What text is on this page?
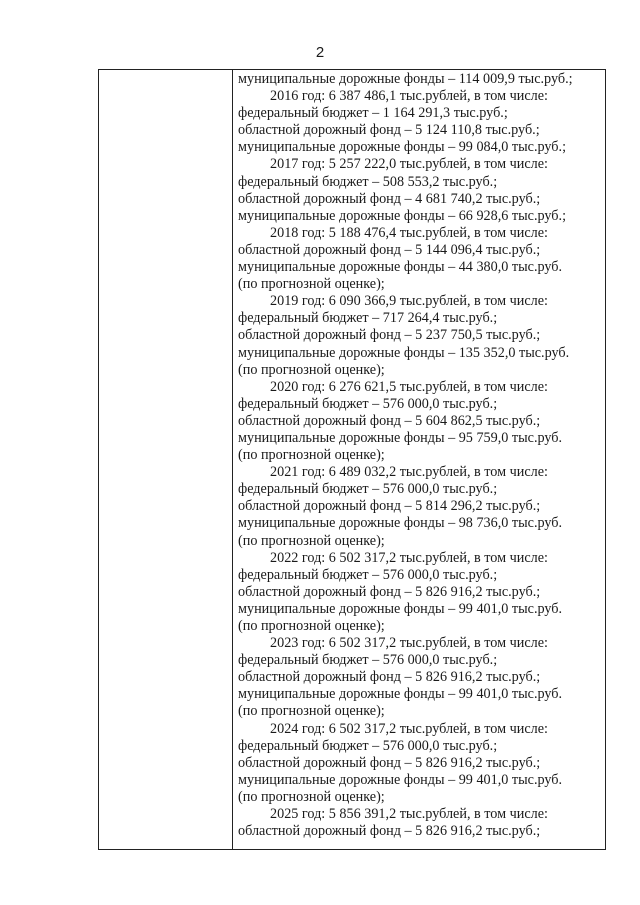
2
муниципальные дорожные фонды – 114 009,9 тыс.руб.;
2016 год: 6 387 486,1 тыс.рублей, в том числе:
федеральный бюджет – 1 164 291,3 тыс.руб.;
областной дорожный фонд – 5 124 110,8 тыс.руб.;
муниципальные дорожные фонды – 99 084,0 тыс.руб.;
2017 год: 5 257 222,0 тыс.рублей, в том числе:
федеральный бюджет – 508 553,2 тыс.руб.;
областной дорожный фонд – 4 681 740,2 тыс.руб.;
муниципальные дорожные фонды – 66 928,6 тыс.руб.;
2018 год: 5 188 476,4 тыс.рублей, в том числе:
областной дорожный фонд – 5 144 096,4 тыс.руб.;
муниципальные дорожные фонды – 44 380,0 тыс.руб.
(по прогнозной оценке);
2019 год: 6 090 366,9 тыс.рублей, в том числе:
федеральный бюджет – 717 264,4 тыс.руб.;
областной дорожный фонд – 5 237 750,5 тыс.руб.;
муниципальные дорожные фонды – 135 352,0 тыс.руб.
(по прогнозной оценке);
2020 год: 6 276 621,5 тыс.рублей, в том числе:
федеральный бюджет – 576 000,0 тыс.руб.;
областной дорожный фонд – 5 604 862,5 тыс.руб.;
муниципальные дорожные фонды – 95 759,0 тыс.руб.
(по прогнозной оценке);
2021 год: 6 489 032,2 тыс.рублей, в том числе:
федеральный бюджет – 576 000,0 тыс.руб.;
областной дорожный фонд – 5 814 296,2 тыс.руб.;
муниципальные дорожные фонды – 98 736,0 тыс.руб.
(по прогнозной оценке);
2022 год: 6 502 317,2 тыс.рублей, в том числе:
федеральный бюджет – 576 000,0 тыс.руб.;
областной дорожный фонд – 5 826 916,2 тыс.руб.;
муниципальные дорожные фонды – 99 401,0 тыс.руб.
(по прогнозной оценке);
2023 год: 6 502 317,2 тыс.рублей, в том числе:
федеральный бюджет – 576 000,0 тыс.руб.;
областной дорожный фонд – 5 826 916,2 тыс.руб.;
муниципальные дорожные фонды – 99 401,0 тыс.руб.
(по прогнозной оценке);
2024 год: 6 502 317,2 тыс.рублей, в том числе:
федеральный бюджет – 576 000,0 тыс.руб.;
областной дорожный фонд – 5 826 916,2 тыс.руб.;
муниципальные дорожные фонды – 99 401,0 тыс.руб.
(по прогнозной оценке);
2025 год: 5 856 391,2 тыс.рублей, в том числе:
областной дорожный фонд – 5 826 916,2 тыс.руб.;
